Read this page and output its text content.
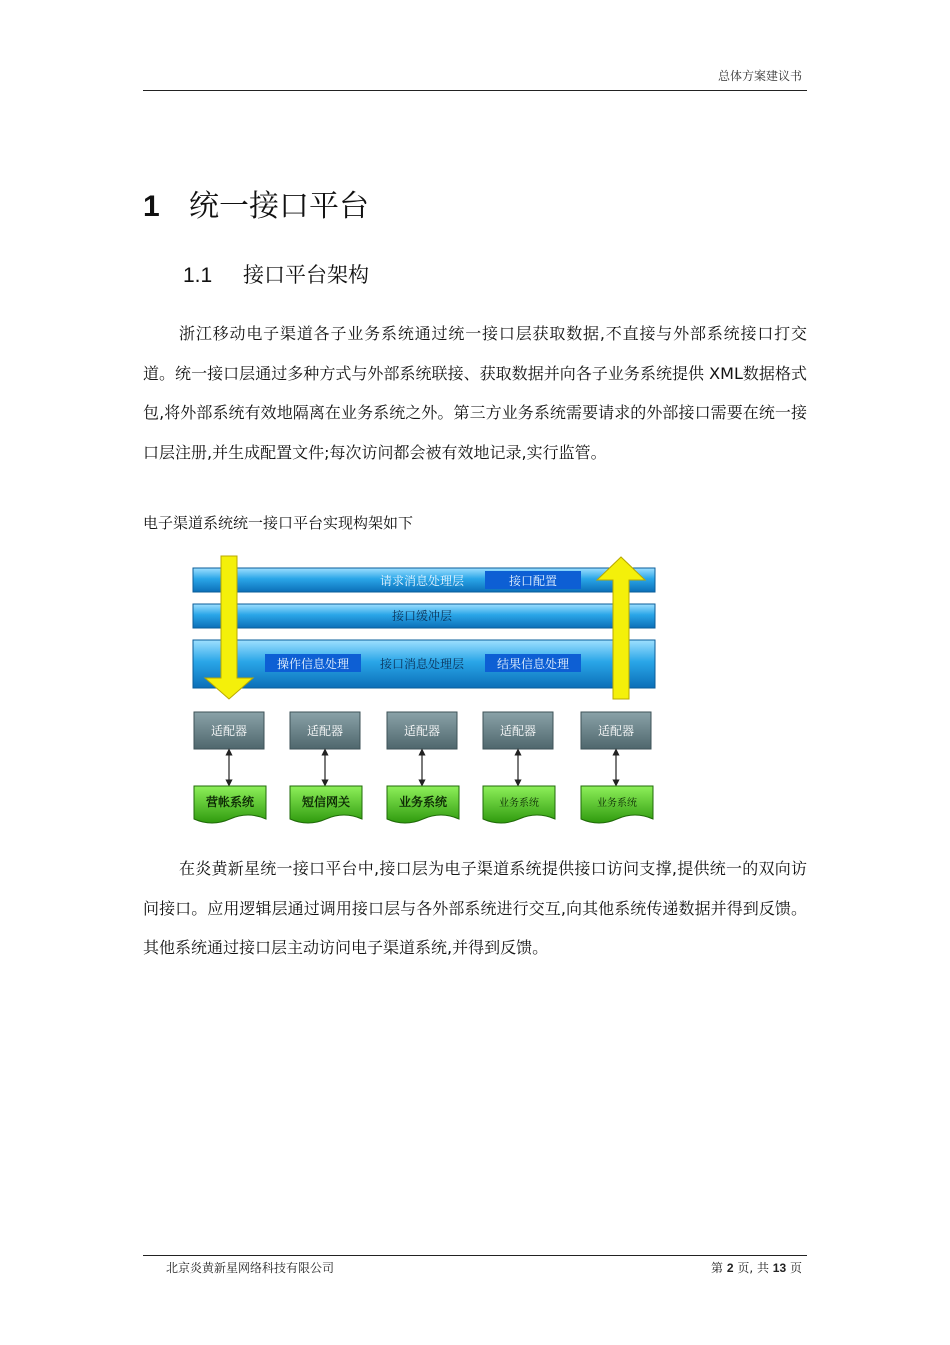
总体方案建议书
1 统一接口平台
1.1 接口平台架构
浙江移动电子渠道各子业务系统通过统一接口层获取数据,不直接与外部系统接口打交道。统一接口层通过多种方式与外部系统联接、获取数据并向各子业务系统提供 XML数据格式包,将外部系统有效地隔离在业务系统之外。第三方业务系统需要请求的外部接口需要在统一接口层注册,并生成配置文件;每次访问都会被有效地记录,实行监管。
电子渠道系统统一接口平台实现构架如下
请求消息处理层	接口配置
接口缓冲层
操作信息处理	接口消息处理层	结果信息处理
适配器	适配器	适配器	适配器	适配器
营帐系统	短信网关	业务系统	业务系统	业务系统
在炎黄新星统一接口平台中,接口层为电子渠道系统提供接口访问支撑,提供统一的双向访问接口。应用逻辑层通过调用接口层与各外部系统进行交互,向其他系统传递数据并得到反馈。其他系统通过接口层主动访问电子渠道系统,并得到反馈。
北京炎黄新星网络科技有限公司	第 2 页, 共 13 页
